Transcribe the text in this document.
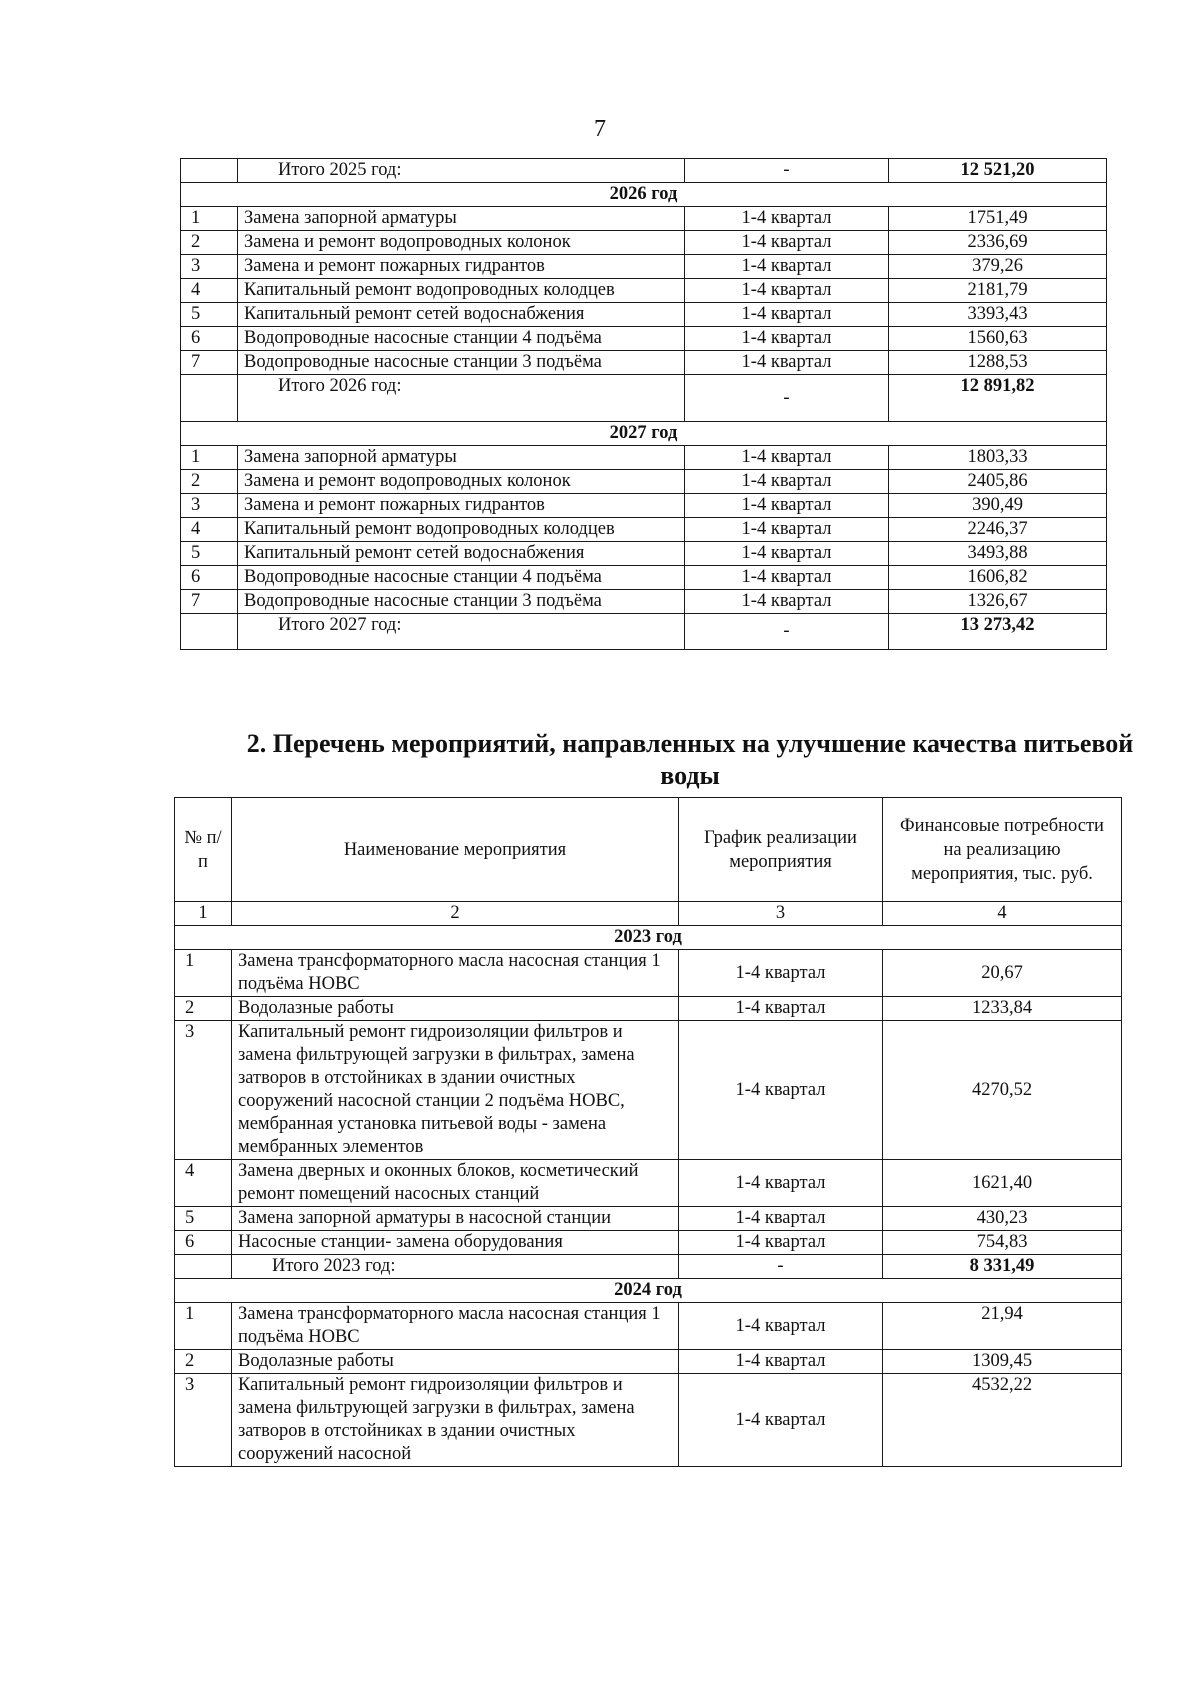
7
	Итого 2025 год:	-	12 521,20
2026 год			
1	Замена запорной арматуры	1-4 квартал	1751,49
2	Замена и ремонт водопроводных колонок	1-4 квартал	2336,69
3	Замена и ремонт пожарных гидрантов	1-4 квартал	379,26
4	Капитальный ремонт водопроводных колодцев	1-4 квартал	2181,79
5	Капитальный ремонт сетей водоснабжения	1-4 квартал	3393,43
6	Водопроводные насосные станции 4 подъёма	1-4 квартал	1560,63
7	Водопроводные насосные станции 3 подъёма	1-4 квартал	1288,53
	Итого 2026 год:	-	12 891,82
2027 год			
1	Замена запорной арматуры	1-4 квартал	1803,33
2	Замена и ремонт водопроводных колонок	1-4 квартал	2405,86
3	Замена и ремонт пожарных гидрантов	1-4 квартал	390,49
4	Капитальный ремонт водопроводных колодцев	1-4 квартал	2246,37
5	Капитальный ремонт сетей водоснабжения	1-4 квартал	3493,88
6	Водопроводные насосные станции 4 подъёма	1-4 квартал	1606,82
7	Водопроводные насосные станции 3 подъёма	1-4 квартал	1326,67
	Итого 2027 год:	-	13 273,42
2. Перечень мероприятий, направленных на улучшение качества питьевой воды
№ п/п	Наименование мероприятия	График реализации мероприятия	Финансовые потребности на реализацию мероприятия, тыс. руб.
1	2	3	4
2023 год			
1	Замена трансформаторного масла насосная станция 1 подъёма НОВС	1-4 квартал	20,67
2	Водолазные работы	1-4 квартал	1233,84
3	Капитальный ремонт гидроизоляции фильтров и замена фильтрующей загрузки в фильтрах, замена затворов в отстойниках в здании очистных сооружений насосной станции 2 подъёма НОВС, мембранная установка питьевой воды - замена мембранных элементов	1-4 квартал	4270,52
4	Замена дверных и оконных блоков, косметический ремонт помещений насосных станций	1-4 квартал	1621,40
5	Замена запорной арматуры в насосной станции	1-4 квартал	430,23
6	Насосные станции- замена оборудования	1-4 квартал	754,83
	Итого 2023 год:	-	8 331,49
2024 год			
1	Замена трансформаторного масла насосная станция 1 подъёма НОВС	1-4 квартал	21,94
2	Водолазные работы	1-4 квартал	1309,45
3	Капитальный ремонт гидроизоляции фильтров и замена фильтрующей загрузки в фильтрах, замена затворов в отстойниках в здании очистных сооружений насосной	1-4 квартал	4532,22
